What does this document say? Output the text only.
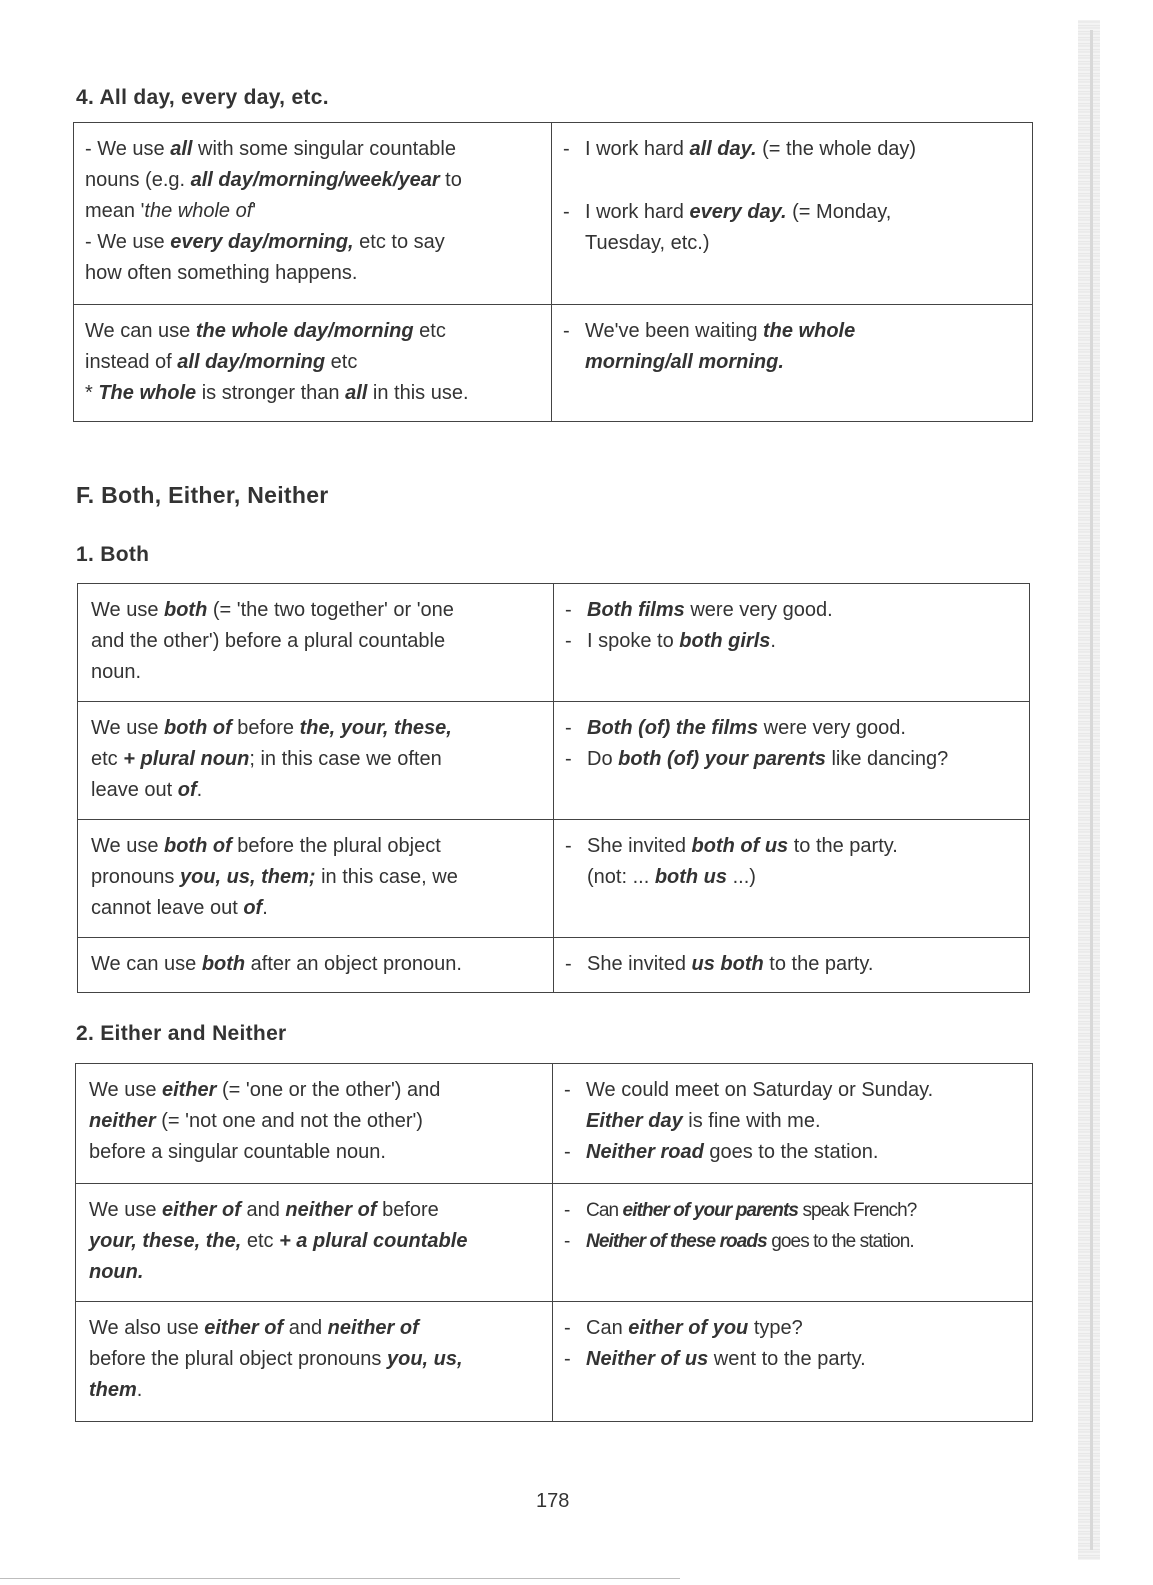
4. All day, every day, etc.
- We use all with some singular countable
nouns (e.g. all day/morning/week/year to
mean 'the whole of'
- We use every day/morning, etc to say
how often something happens.	-I work hard all day. (= the whole day)
-I work hard every day. (= Monday,
Tuesday, etc.)

We can use the whole day/morning etc
instead of all day/morning etc
* The whole is stronger than all in this use.	-We've been waiting the whole
morning/all morning.
F. Both, Either, Neither
1. Both
We use both (= 'the two together' or 'one
and the other') before a plural countable
noun.	-Both films were very good.
-I spoke to both girls.

We use both of before the, your, these,
etc + plural noun; in this case we often
leave out of.	-Both (of) the films were very good.
-Do both (of) your parents like dancing?

We use both of before the plural object
pronouns you, us, them; in this case, we
cannot leave out of.	-She invited both of us to the party.
(not: ... both us ...)

We can use both after an object pronoun.	-She invited us both to the party.
2. Either and Neither
We use either (= 'one or the other') and
neither (= 'not one and not the other')
before a singular countable noun.	-We could meet on Saturday or Sunday.
Either day is fine with me.
-Neither road goes to the station.

We use either of and neither of before
your, these, the, etc + a plural countable
noun.	-Can either of your parents speak French?
-Neither of these roads goes to the station.

We also use either of and neither of
before the plural object pronouns you, us,
them.	-Can either of you type?
-Neither of us went to the party.

178
